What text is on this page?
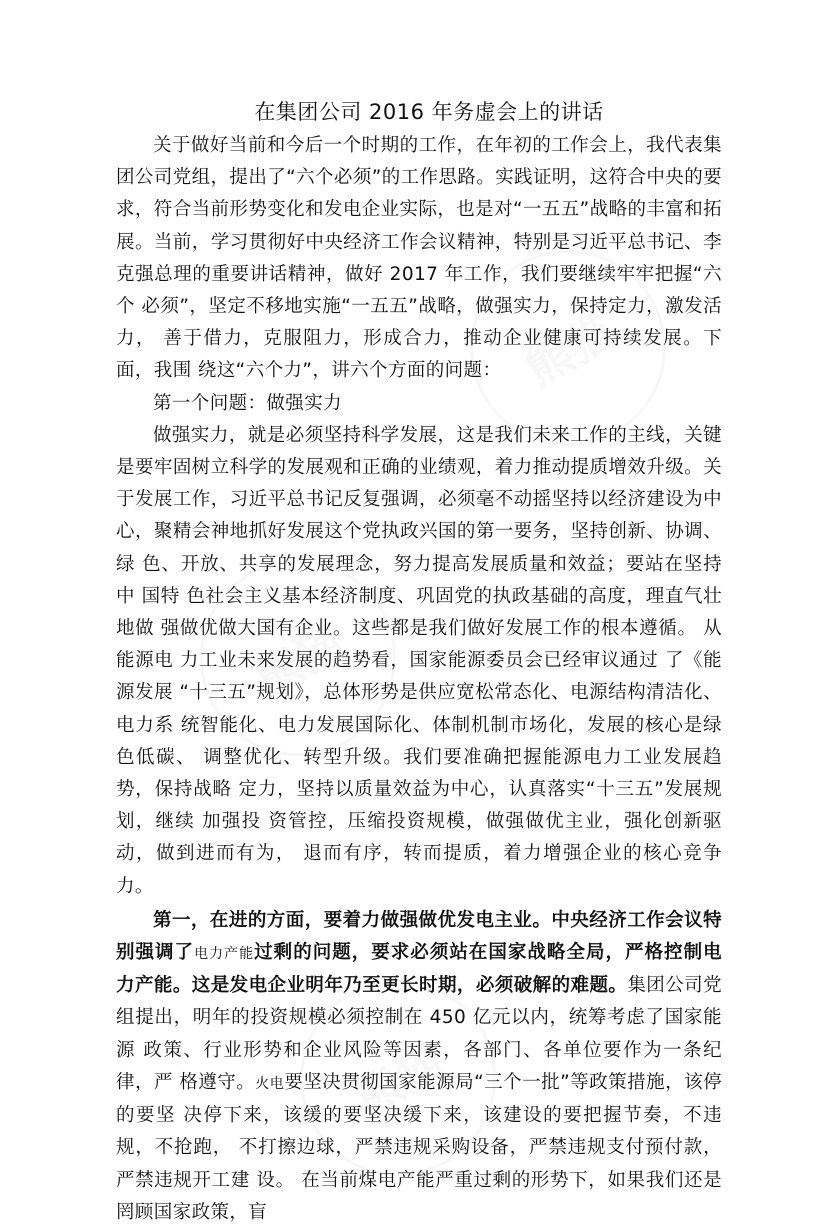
熊猫
熊猫
熊猫
在集团公司 2016 年务虚会上的讲话

关于做好当前和今后一个时期的工作，在年初的工作会上，我代表集 团公司党组，提出了“六个必须”的工作思路。实践证明，这符合中央的要 求，符合当前形势变化和发电企业实际，也是对“一五五”战略的丰富和拓 展。当前，学习贯彻好中央经济工作会议精神，特别是习近平总书记、李 克强总理的重要讲话精神，做好 2017 年工作，我们要继续牢牢把握“六个 必须”，坚定不移地实施“一五五”战略，做强实力，保持定力，激发活力， 善于借力，克服阻力，形成合力，推动企业健康可持续发展。下面，我围 绕这“六个力”，讲六个方面的问题：

第一个问题：做强实力

做强实力，就是必须坚持科学发展，这是我们未来工作的主线，关键 是要牢固树立科学的发展观和正确的业绩观，着力推动提质增效升级。关 于发展工作，习近平总书记反复强调，必须毫不动摇坚持以经济建设为中 心，聚精会神地抓好发展这个党执政兴国的第一要务，坚持创新、协调、 绿 色、开放、共享的发展理念，努力提高发展质量和效益；要站在坚持中 国特 色社会主义基本经济制度、巩固党的执政基础的高度，理直气壮地做 强做优做大国有企业。这些都是我们做好发展工作的根本遵循。 从能源电 力工业未来发展的趋势看，国家能源委员会已经审议通过 了《能源发展 “十三五”规划》，总体形势是供应宽松常态化、电源结构清洁化、电力系 统智能化、电力发展国际化、体制机制市场化，发展的核心是绿色低碳、 调整优化、转型升级。我们要准确把握能源电力工业发展趋势，保持战略 定力，坚持以质量效益为中心，认真落实“十三五”发展规划，继续 加强投 资管控，压缩投资规模，做强做优主业，强化创新驱动，做到进而有为， 退而有序，转而提质，着力增强企业的核心竞争力。

第一，在进的方面，要着力做强做优发电主业。中央经济工作会议特 别强调了电力产能过剩的问题，要求必须站在国家战略全局，严格控制电 力产能。这是发电企业明年乃至更长时期，必须破解的难题。集团公司党 组提出，明年的投资规模必须控制在 450 亿元以内，统筹考虑了国家能源 政策、行业形势和企业风险等因素，各部门、各单位要作为一条纪律，严 格遵守。火电要坚决贯彻国家能源局“三个一批”等政策措施，该停的要坚 决停下来，该缓的要坚决缓下来，该建设的要把握节奏，不违规，不抢跑， 不打擦边球，严禁违规采购设备，严禁违规支付预付款，严禁违规开工建 设。 在当前煤电产能严重过剩的形势下，如果我们还是罔顾国家政策，盲
